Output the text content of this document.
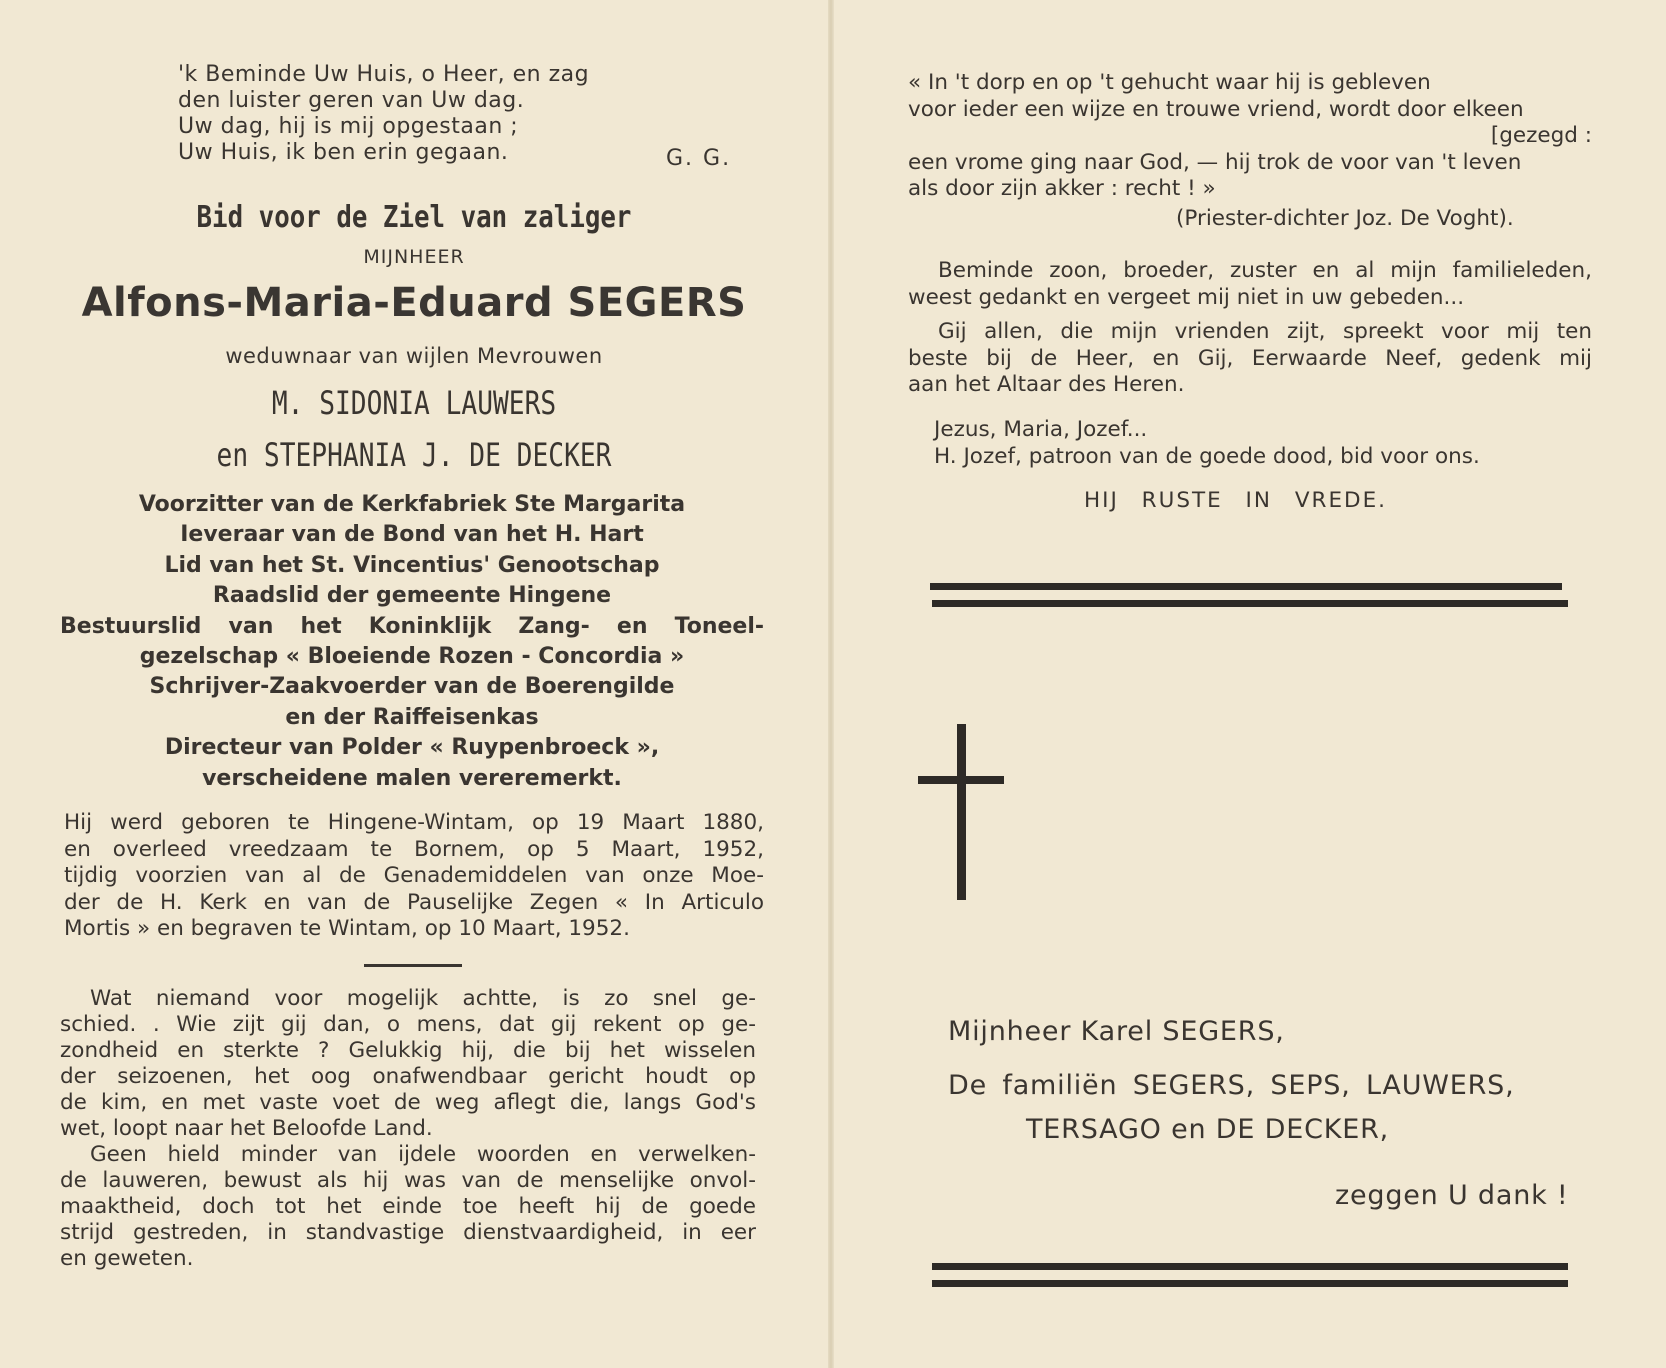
'k Beminde Uw Huis, o Heer, en zag
den luister geren van Uw dag.
Uw dag, hij is mij opgestaan ;
Uw Huis, ik ben erin gegaan.	G. G.
Bid voor de Ziel van zaliger
MIJNHEER
Alfons-Maria-Eduard SEGERS
weduwnaar van wijlen Mevrouwen
M. SIDONIA LAUWERS
en STEPHANIA J. DE DECKER
Voorzitter van de Kerkfabriek Ste Margarita
Ieveraar van de Bond van het H. Hart
Lid van het St. Vincentius' Genootschap
Raadslid der gemeente Hingene
Bestuurslid van het Koninklijk Zang- en Toneel-
gezelschap « Bloeiende Rozen - Concordia »
Schrijver-Zaakvoerder van de Boerengilde
en der Raiffeisenkas
Directeur van Polder « Ruypenbroeck »,
verscheidene malen vereremerkt.
Hij werd geboren te Hingene-Wintam, op 19 Maart 1880,
en overleed vreedzaam te Bornem, op 5 Maart, 1952,
tijdig voorzien van al de Genademiddelen van onze Moe-
der de H. Kerk en van de Pauselijke Zegen « In Articulo
Mortis » en begraven te Wintam, op 10 Maart, 1952.
Wat niemand voor mogelijk achtte, is zo snel ge-
schied. . Wie zijt gij dan, o mens, dat gij rekent op ge-
zondheid en sterkte ? Gelukkig hij, die bij het wisselen
der seizoenen, het oog onafwendbaar gericht houdt op
de kim, en met vaste voet de weg aflegt die, langs God's
wet, loopt naar het Beloofde Land.
Geen hield minder van ijdele woorden en verwelken-
de lauweren, bewust als hij was van de menselijke onvol-
maaktheid, doch tot het einde toe heeft hij de goede
strijd gestreden, in standvastige dienstvaardigheid, in eer
en geweten.
« In 't dorp en op 't gehucht waar hij is gebleven
voor ieder een wijze en trouwe vriend, wordt door elkeen
[gezegd :
een vrome ging naar God, — hij trok de voor van 't leven
als door zijn akker : recht ! »
(Priester-dichter Joz. De Voght).
Beminde zoon, broeder, zuster en al mijn familieleden,
weest gedankt en vergeet mij niet in uw gebeden...
Gij allen, die mijn vrienden zijt, spreekt voor mij ten
beste bij de Heer, en Gij, Eerwaarde Neef, gedenk mij
aan het Altaar des Heren.
Jezus, Maria, Jozef...
H. Jozef, patroon van de goede dood, bid voor ons.
HIJ RUSTE IN VREDE.
Mijnheer Karel SEGERS,
De familiën SEGERS, SEPS, LAUWERS,
TERSAGO en DE DECKER,
zeggen U dank !
